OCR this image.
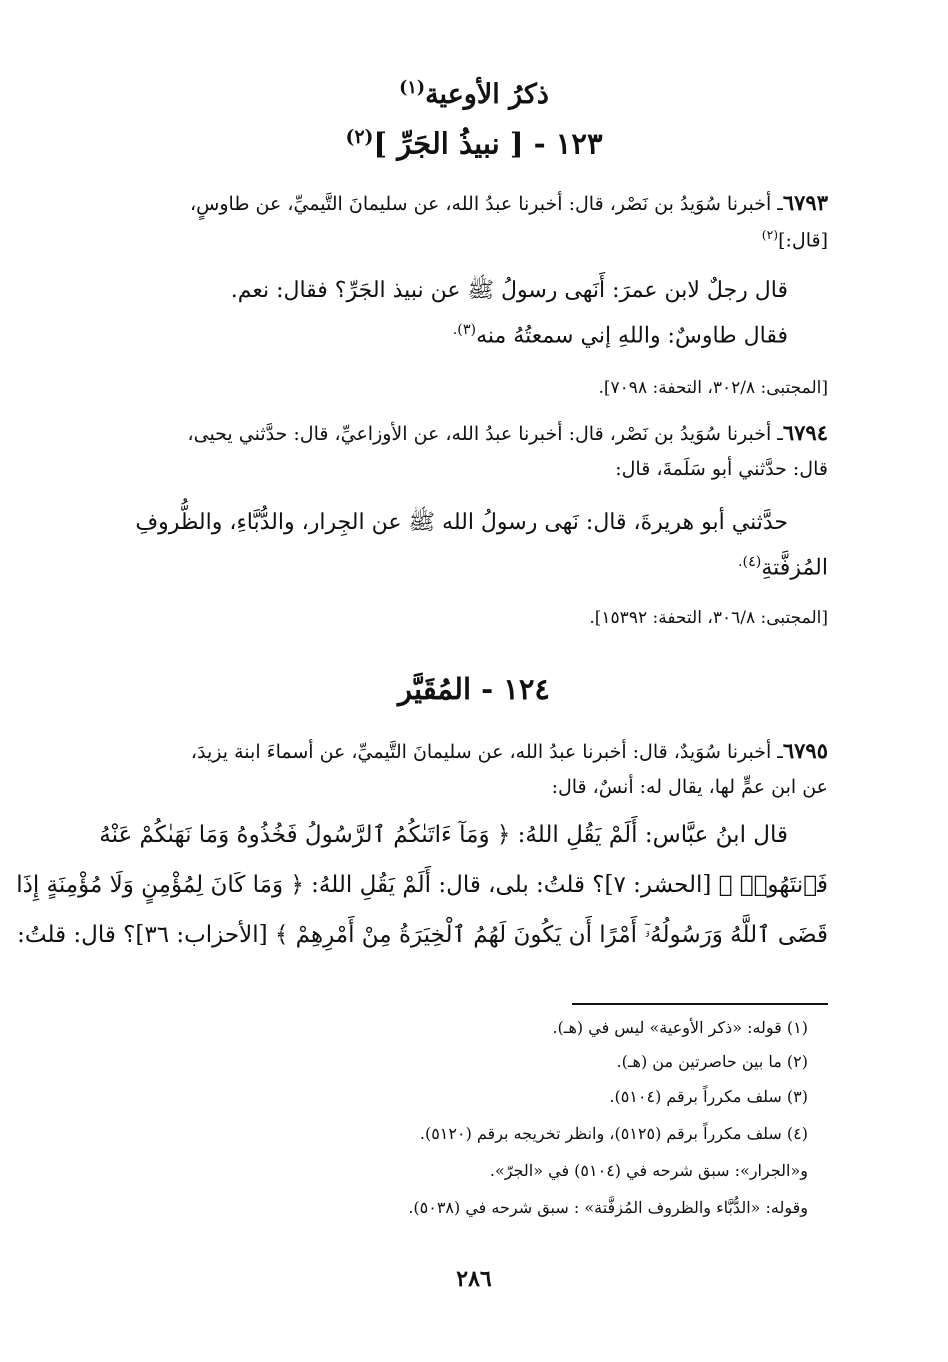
ذكرُ الأوعية$^{(١)}$
١٢٣ - [ نبيذُ الجَرِّ ]$^{(٢)}$
٦٧٩٣ـ أخبرنا سُوَيدُ بن نَصْر، قال: أخبرنا عبدُ الله، عن سليمانَ التَّيميِّ، عن طاوسٍ،
[قال:]$^{(٢)}$
قال رجلٌ لابن عمرَ: أَنَهى رسولُ ﷺ عن نبيذ الجَرِّ؟ فقال: نعم.
فقال طاوسٌ: واللهِ إني سمعتُهُ منه$^{(٣).}$
[المجتبى: ٣٠٢/٨، التحفة: ٧٠٩٨].
٦٧٩٤ـ أخبرنا سُوَيدُ بن نَصْر، قال: أخبرنا عبدُ الله، عن الأوزاعيِّ، قال: حدَّثني يحيى،
قال: حدَّثني أبو سَلَمةَ، قال:
حدَّثني أبو هريرةَ، قال: نَهى رسولُ الله ﷺ عن الجِرار، والدُّبَّاءِ، والظُّروفِ
المُزفَّتةِ$^{(٤).}$
[المجتبى: ٣٠٦/٨، التحفة: ١٥٣٩٢].
١٢٤ - المُقَيَّر
٦٧٩٥ـ أخبرنا سُوَيدٌ، قال: أخبرنا عبدُ الله، عن سليمانَ التَّيميِّ، عن أسماءَ ابنة يزيدَ،
عن ابن عمٍّ لها، يقال له: أنسٌ، قال:
قال ابنُ عبَّاس: أَلَمْ يَقُلِ اللهُ: ﴿ وَمَآ ءَاتَىٰكُمُ ٱلرَّسُولُ فَخُذُوهُ وَمَا نَهَىٰكُمْ عَنْهُ
فَٱنتَهُوا۟ ﴾ [الحشر: ٧]؟ قلتُ: بلى، قال: أَلَمْ يَقُلِ اللهُ: ﴿ وَمَا كَانَ لِمُؤْمِنٍ وَلَا مُؤْمِنَةٍ إِذَا
قَضَى ٱللَّهُ وَرَسُولُهُۥٓ أَمْرًا أَن يَكُونَ لَهُمُ ٱلْخِيَرَةُ مِنْ أَمْرِهِمْ ﴾ [الأحزاب: ٣٦]؟ قال: قلتُ:
(١) قوله: «ذكر الأوعية» ليس في (هـ).
(٢) ما بين حاصرتين من (هـ).
(٣) سلف مكرراً برقم (٥١٠٤).
(٤) سلف مكرراً برقم (٥١٢٥)، وانظر تخريجه برقم (٥١٢٠).
و«الجرار»: سبق شرحه في (٥١٠٤) في «الجرّ».
وقوله: «الدُّبَّاء والظروف المُزفَّتة» : سبق شرحه في (٥٠٣٨).
٢٨٦
